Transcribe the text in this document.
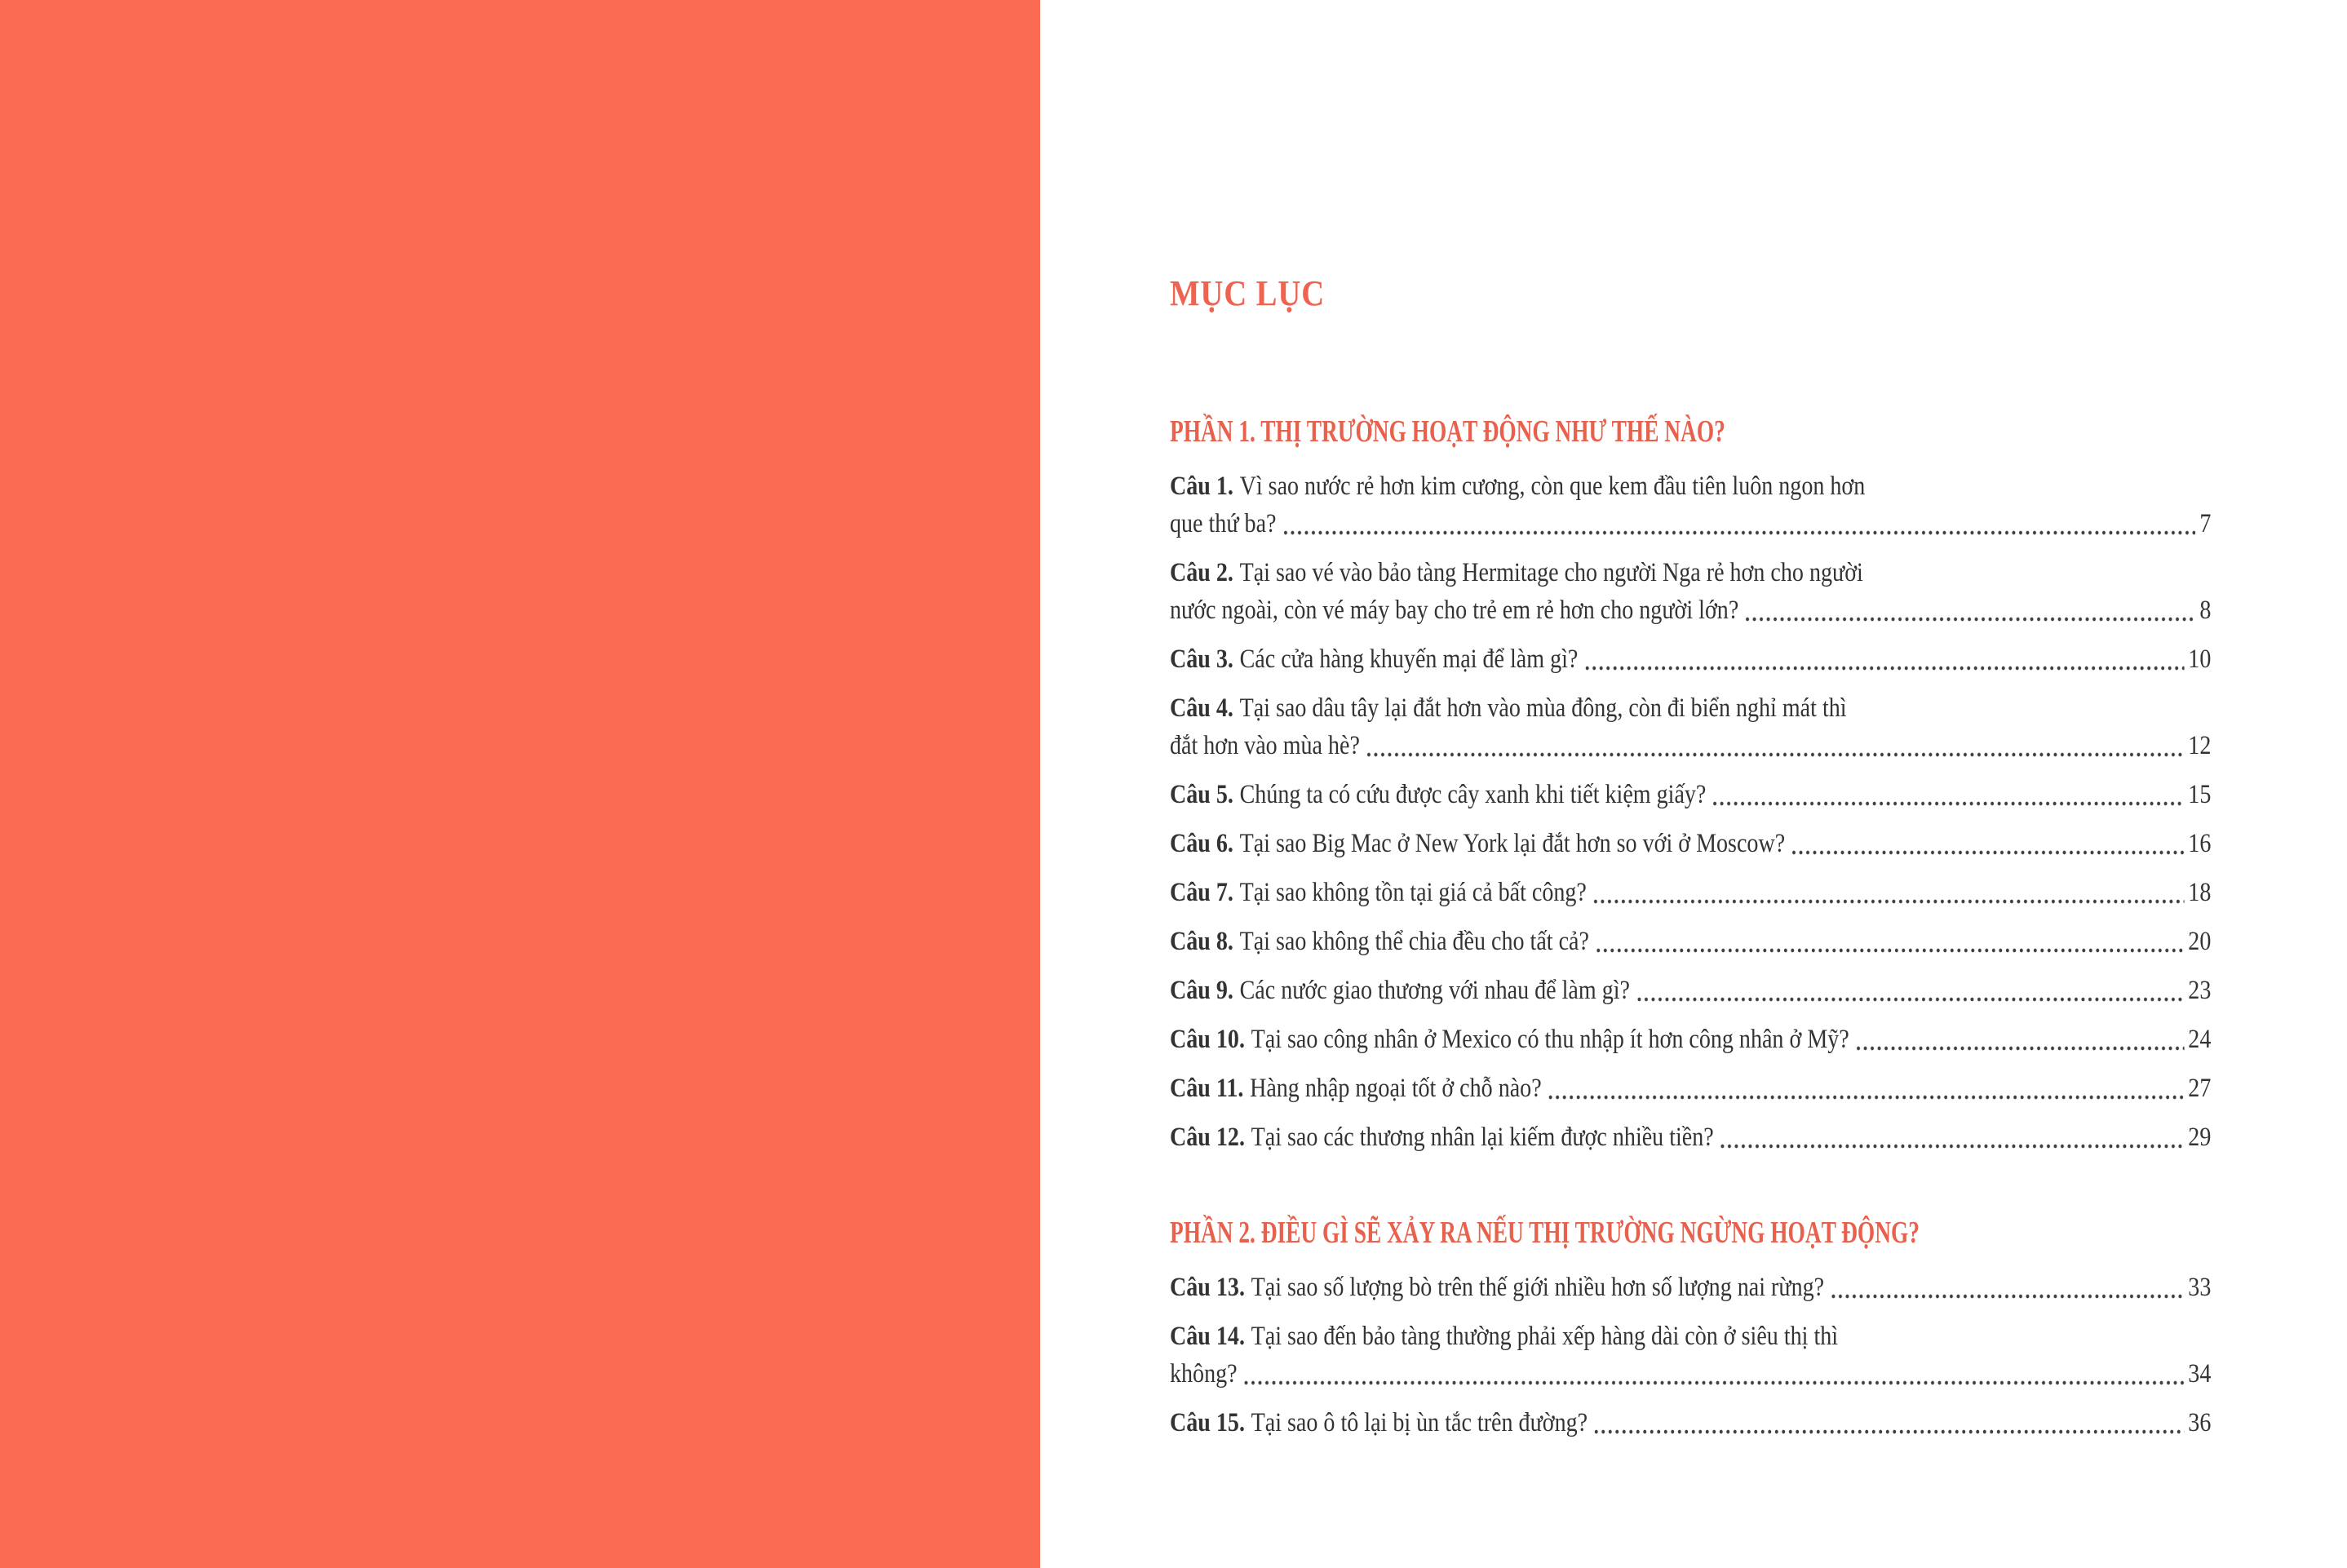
MỤC LỤC
PHẦN 1. THỊ TRƯỜNG HOẠT ĐỘNG NHƯ THẾ NÀO?
Câu 1. Vì sao nước rẻ hơn kim cương, còn que kem đầu tiên luôn ngon hơn
que thứ ba?	7
Câu 2. Tại sao vé vào bảo tàng Hermitage cho người Nga rẻ hơn cho người
nước ngoài, còn vé máy bay cho trẻ em rẻ hơn cho người lớn?	8
Câu 3. Các cửa hàng khuyến mại để làm gì?	10
Câu 4. Tại sao dâu tây lại đắt hơn vào mùa đông, còn đi biển nghỉ mát thì
đắt hơn vào mùa hè?	12
Câu 5. Chúng ta có cứu được cây xanh khi tiết kiệm giấy?	15
Câu 6. Tại sao Big Mac ở New York lại đắt hơn so với ở Moscow?	16
Câu 7. Tại sao không tồn tại giá cả bất công?	18
Câu 8. Tại sao không thể chia đều cho tất cả?	20
Câu 9. Các nước giao thương với nhau để làm gì?	23
Câu 10. Tại sao công nhân ở Mexico có thu nhập ít hơn công nhân ở Mỹ?	24
Câu 11. Hàng nhập ngoại tốt ở chỗ nào?	27
Câu 12. Tại sao các thương nhân lại kiếm được nhiều tiền?	29
PHẦN 2. ĐIỀU GÌ SẼ XẢY RA NẾU THỊ TRƯỜNG NGỪNG HOẠT ĐỘNG?
Câu 13. Tại sao số lượng bò trên thế giới nhiều hơn số lượng nai rừng?	33
Câu 14. Tại sao đến bảo tàng thường phải xếp hàng dài còn ở siêu thị thì
không?	34
Câu 15. Tại sao ô tô lại bị ùn tắc trên đường?	36
